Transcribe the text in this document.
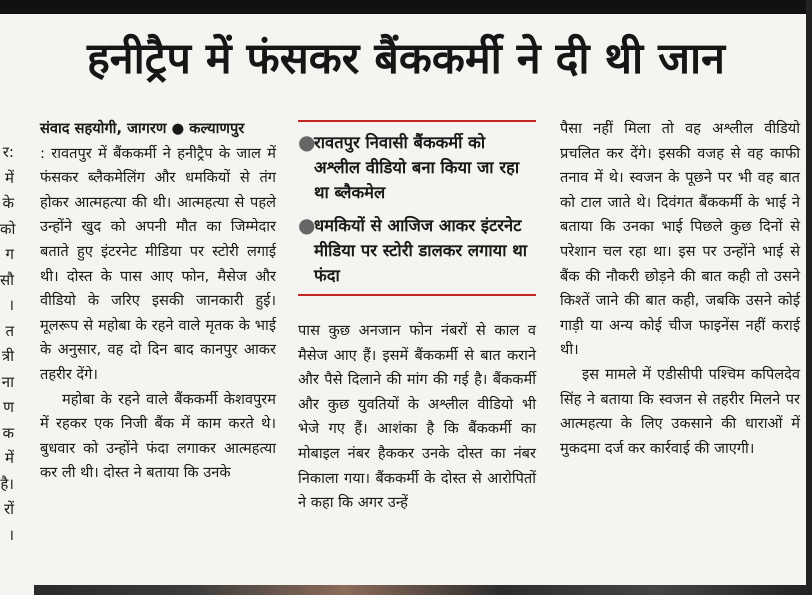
हनीट्रैप में फंसकर बैंककर्मी ने दी थी जान
र:
में
के
को
ग
सौ
।
त
त्री
ना
ण
क
में
है।
रों
।
संवाद सहयोगी, जागरण ● कल्याणपुर

: रावतपुर में बैंककर्मी ने हनीट्रैप के जाल में फंसकर ब्लैकमेलिंग और धमकियों से तंग होकर आत्महत्या की थी। आत्महत्या से पहले उन्होंने खुद को अपनी मौत का जिम्मेदार बताते हुए इंटरनेट मीडिया पर स्टोरी लगाई थी। दोस्त के पास आए फोन, मैसेज और वीडियो के जरिए इसकी जानकारी हुई। मूलरूप से महोबा के रहने वाले मृतक के भाई के अनुसार, वह दो दिन बाद कानपुर आकर तहरीर देंगे।

महोबा के रहने वाले बैंककर्मी केशवपुरम में रहकर एक निजी बैंक में काम करते थे। बुधवार को उन्होंने फंदा लगाकर आत्महत्या कर ली थी। दोस्त ने बताया कि उनके

●
रावतपुर निवासी बैंककर्मी को अश्लील वीडियो बना किया जा रहा था ब्लैकमेल
●
धमकियों से आजिज आकर इंटरनेट मीडिया पर स्टोरी डालकर लगाया था फंदा

पास कुछ अनजान फोन नंबरों से काल व मैसेज आए हैं। इसमें बैंककर्मी से बात कराने और पैसे दिलाने की मांग की गई है। बैंककर्मी और कुछ युवतियों के अश्लील वीडियो भी भेजे गए हैं। आशंका है कि बैंककर्मी का मोबाइल नंबर हैककर उनके दोस्त का नंबर निकाला गया। बैंककर्मी के दोस्त से आरोपितों ने कहा कि अगर उन्हें

पैसा नहीं मिला तो वह अश्लील वीडियो प्रचलित कर देंगे। इसकी वजह से वह काफी तनाव में थे। स्वजन के पूछने पर भी वह बात को टाल जाते थे। दिवंगत बैंककर्मी के भाई ने बताया कि उनका भाई पिछले कुछ दिनों से परेशान चल रहा था। इस पर उन्होंने भाई से बैंक की नौकरी छोड़ने की बात कही तो उसने किश्तें जाने की बात कही, जबकि उसने कोई गाड़ी या अन्य कोई चीज फाइनेंस नहीं कराई थी।

इस मामले में एडीसीपी पश्चिम कपिलदेव सिंह ने बताया कि स्वजन से तहरीर मिलने पर आत्महत्या के लिए उकसाने की धाराओं में मुकदमा दर्ज कर कार्रवाई की जाएगी।
